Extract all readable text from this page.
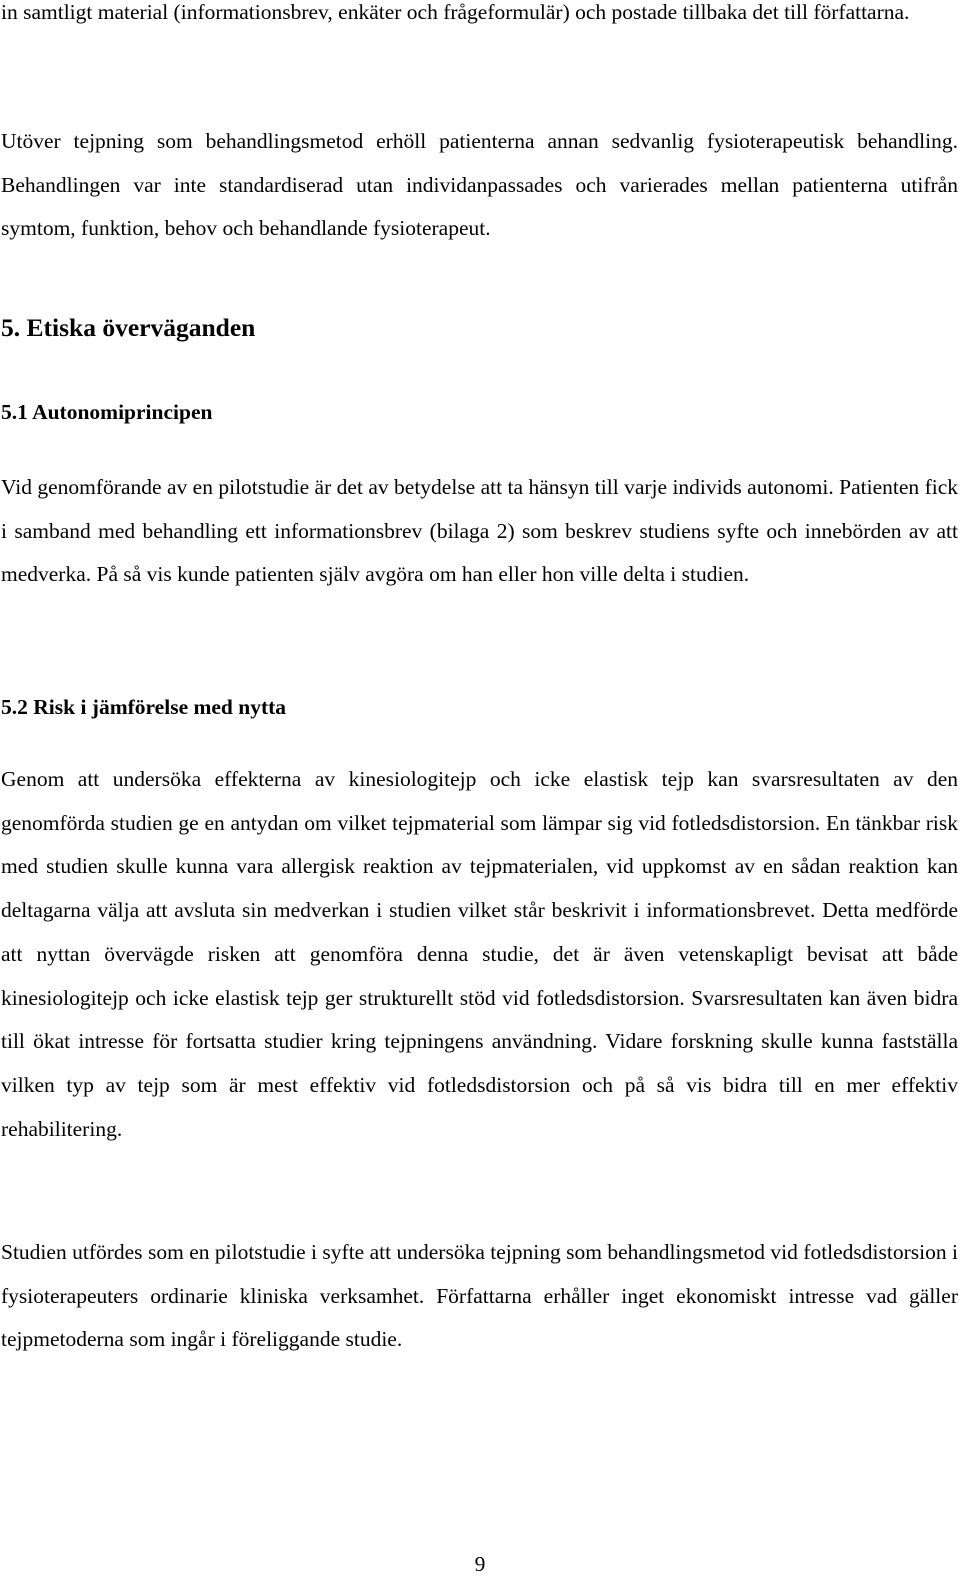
in samtligt material (informationsbrev, enkäter och frågeformulär) och postade tillbaka det till författarna.

Utöver tejpning som behandlingsmetod erhöll patienterna annan sedvanlig fysioterapeutisk behandling. Behandlingen var inte standardiserad utan individanpassades och varierades mellan patienterna utifrån symtom, funktion, behov och behandlande fysioterapeut.

5. Etiska överväganden
5.1 Autonomiprincipen

Vid genomförande av en pilotstudie är det av betydelse att ta hänsyn till varje individs autonomi. Patienten fick i samband med behandling ett informationsbrev (bilaga 2) som beskrev studiens syfte och innebörden av att medverka. På så vis kunde patienten själv avgöra om han eller hon ville delta i studien.

5.2 Risk i jämförelse med nytta

Genom att undersöka effekterna av kinesiologitejp och icke elastisk tejp kan svarsresultaten av den genomförda studien ge en antydan om vilket tejpmaterial som lämpar sig vid fotledsdistorsion. En tänkbar risk med studien skulle kunna vara allergisk reaktion av tejpmaterialen, vid uppkomst av en sådan reaktion kan deltagarna välja att avsluta sin medverkan i studien vilket står beskrivit i informationsbrevet. Detta medförde att nyttan övervägde risken att genomföra denna studie, det är även vetenskapligt bevisat att både kinesiologitejp och icke elastisk tejp ger strukturellt stöd vid fotledsdistorsion. Svarsresultaten kan även bidra till ökat intresse för fortsatta studier kring tejpningens användning. Vidare forskning skulle kunna fastställa vilken typ av tejp som är mest effektiv vid fotledsdistorsion och på så vis bidra till en mer effektiv rehabilitering.

Studien utfördes som en pilotstudie i syfte att undersöka tejpning som behandlingsmetod vid fotledsdistorsion i fysioterapeuters ordinarie kliniska verksamhet. Författarna erhåller inget ekonomiskt intresse vad gäller tejpmetoderna som ingår i föreliggande studie.

9
